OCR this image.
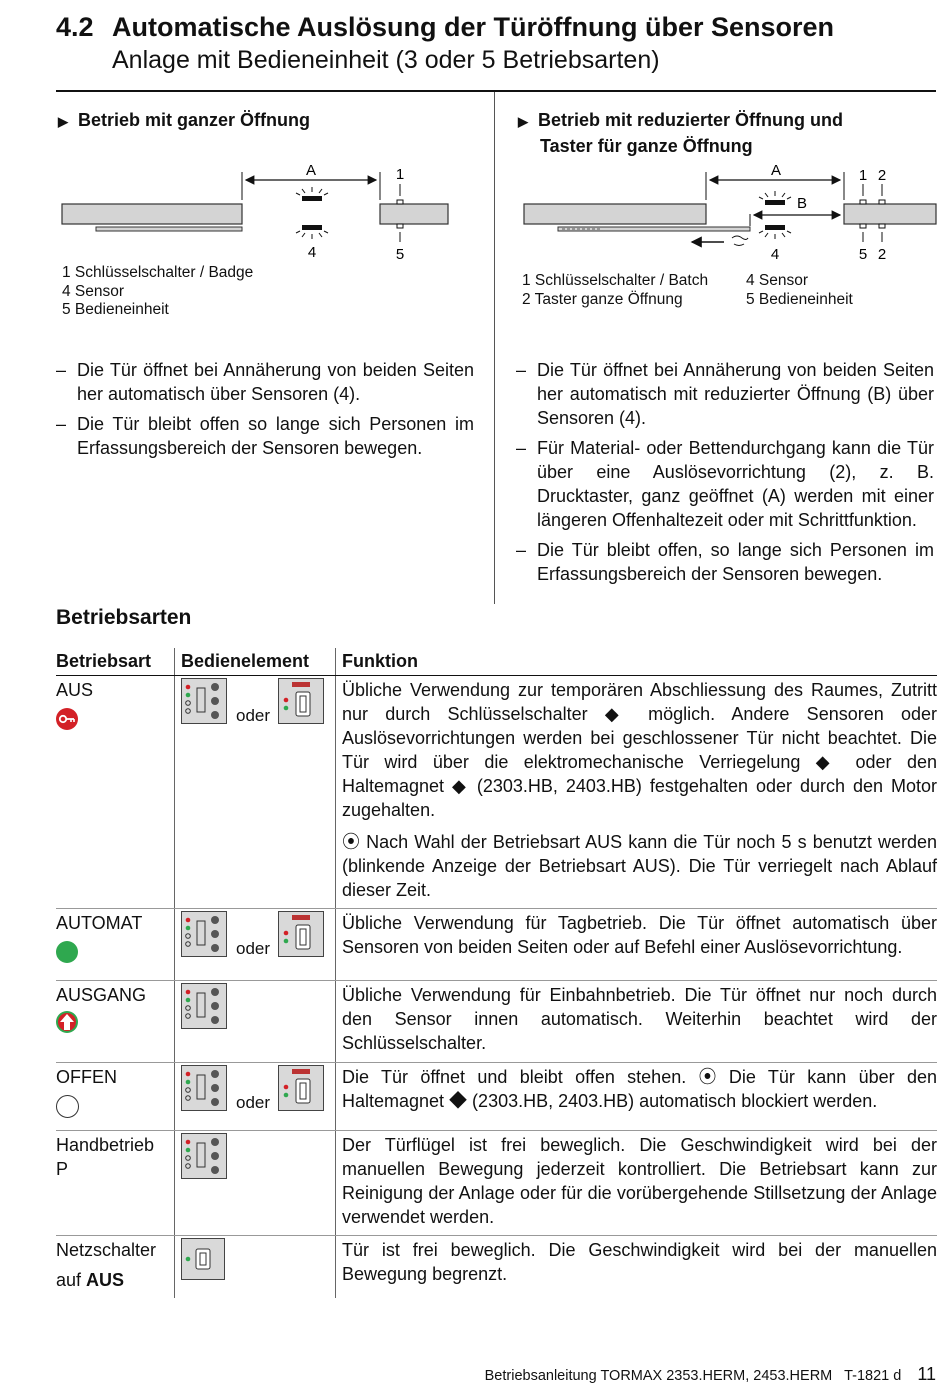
4.2 Automatische Auslösung der Türöffnung über Sensoren
Anlage mit Bedieneinheit (3 oder 5 Betriebsarten)
▶ Betrieb mit ganzer Öffnung
A
4
1
5
1 Schlüsselschalter / Badge
4 Sensor
5 Bedieneinheit
– Die Tür öffnet bei Annäherung von beiden Seiten her automatisch über Sensoren (4).
– Die Tür bleibt offen so lange sich Personen im Erfassungsbereich der Sensoren bewegen.
▶ Betrieb mit reduzierter Öffnung und
Taster für ganze Öffnung
A
B
4
1 2
5 2
1 Schlüsselschalter / Batch
2 Taster ganze Öffnung
4 Sensor
5 Bedieneinheit
– Die Tür öffnet bei Annäherung von beiden Seiten her automatisch mit reduzierter Öffnung (B) über Sensoren (4).
– Für Material- oder Bettendurchgang kann die Tür über eine Auslösevorrichtung (2), z. B. Drucktaster, ganz geöffnet (A) werden mit einer längeren Offenhaltezeit oder mit Schrittfunktion.
– Die Tür bleibt offen, so lange sich Personen im Erfassungsbereich der Sensoren bewegen.
Betriebsarten
Betriebsart	Bedienelement	Funktion

AUS	oder	Übliche Verwendung zur temporären Abschliessung des Raumes, Zutritt nur durch Schlüsselschalter ◆ möglich. Andere Sensoren oder Auslösevorrichtungen werden bei geschlossener Tür nicht beachtet. Die Tür wird über die elektromechanische Verriegelung ◆ oder den Haltemagnet ◆ (2303.HB, 2403.HB) festgehalten oder durch den Motor zugehalten.
⦿ Nach Wahl der Betriebsart AUS kann die Tür noch 5 s benutzt werden (blinkende Anzeige der Betriebsart AUS). Die Tür verriegelt nach Ablauf dieser Zeit.

AUTOMAT	oder	Übliche Verwendung für Tagbetrieb. Die Tür öffnet automatisch über Sensoren von beiden Seiten oder auf Befehl einer Auslösevorrichtung.

AUSGANG		Übliche Verwendung für Einbahnbetrieb. Die Tür öffnet nur noch durch den Sensor innen automatisch. Weiterhin beachtet wird der Schlüsselschalter.

OFFEN	oder	Die Tür öffnet und bleibt offen stehen. ⦿ Die Tür kann über den Haltemagnet ◆ (2303.HB, 2403.HB) automatisch blockiert werden.

Handbetrieb
P		Der Türflügel ist frei beweglich. Die Geschwindigkeit wird bei der manuellen Bewegung jederzeit kontrolliert. Die Betriebsart kann zur Reinigung der Anlage oder für die vorübergehende Stillsetzung der Anlage verwendet werden.

Netzschalter
auf AUS		Tür ist frei beweglich. Die Geschwindigkeit wird bei der manuellen Bewegung begrenzt.
Betriebsanleitung TORMAX 2353.HERM, 2453.HERM   T-1821 d 11
